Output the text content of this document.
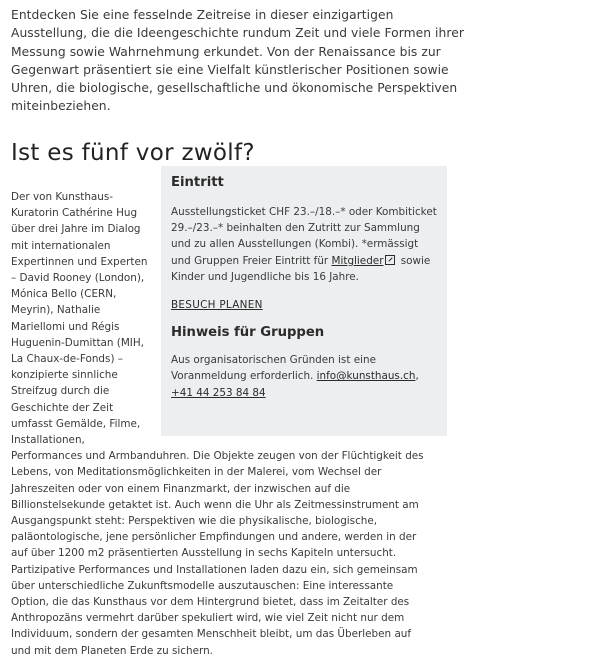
Entdecken Sie eine fesselnde Zeitreise in dieser einzigartigen Ausstellung, die die Ideengeschichte rundum Zeit und viele Formen ihrer Messung sowie Wahrnehmung erkundet. Von der Renaissance bis zur Gegenwart präsentiert sie eine Vielfalt künstlerischer Positionen sowie Uhren, die biologische, gesellschaftliche und ökonomische Perspektiven miteinbeziehen.

Ist es fünf vor zwölf?
Eintritt

Ausstellungsticket CHF 23.–/18.–* oder Kombiticket 29.–/23.–* beinhalten den Zutritt zur Sammlung und zu allen Ausstellungen (Kombi). *ermässigt und Gruppen Freier Eintritt für Mitglieder sowie Kinder und Jugendliche bis 16 Jahre.

BESUCH PLANEN
Hinweis für Gruppen

Aus organisatorischen Gründen ist eine Voranmeldung erforderlich. info@kunsthaus.ch, +41 44 253 84 84

Der von Kunsthaus-Kuratorin Cathérine Hug über drei Jahre im Dialog mit internationalen Expertinnen und Experten – David Rooney (London), Mónica Bello (CERN, Meyrin), Nathalie Mariellomi und Régis Huguenin-Dumittan (MIH, La Chaux-de-Fonds) – konzipierte sinnliche Streifzug durch die Geschichte der Zeit umfasst Gemälde, Filme, Installationen, Performances und Armbanduhren. Die Objekte zeugen von der Flüchtigkeit des Lebens, von Meditationsmöglichkeiten in der Malerei, vom Wechsel der Jahreszeiten oder von einem Finanzmarkt, der inzwischen auf die Billionstelsekunde getaktet ist. Auch wenn die Uhr als Zeitmessinstrument am Ausgangspunkt steht: Perspektiven wie die physikalische, biologische, paläontologische, jene persönlicher Empfindungen und andere, werden in der auf über 1200 m2 präsentierten Ausstellung in sechs Kapiteln untersucht. Partizipative Performances und Installationen laden dazu ein, sich gemeinsam über unterschiedliche Zukunftsmodelle auszutauschen: Eine interessante Option, die das Kunsthaus vor dem Hintergrund bietet, dass im Zeitalter des Anthropozäns vermehrt darüber spekuliert wird, wie viel Zeit nicht nur dem Individuum, sondern der gesamten Menschheit bleibt, um das Überleben auf und mit dem Planeten Erde zu sichern.
